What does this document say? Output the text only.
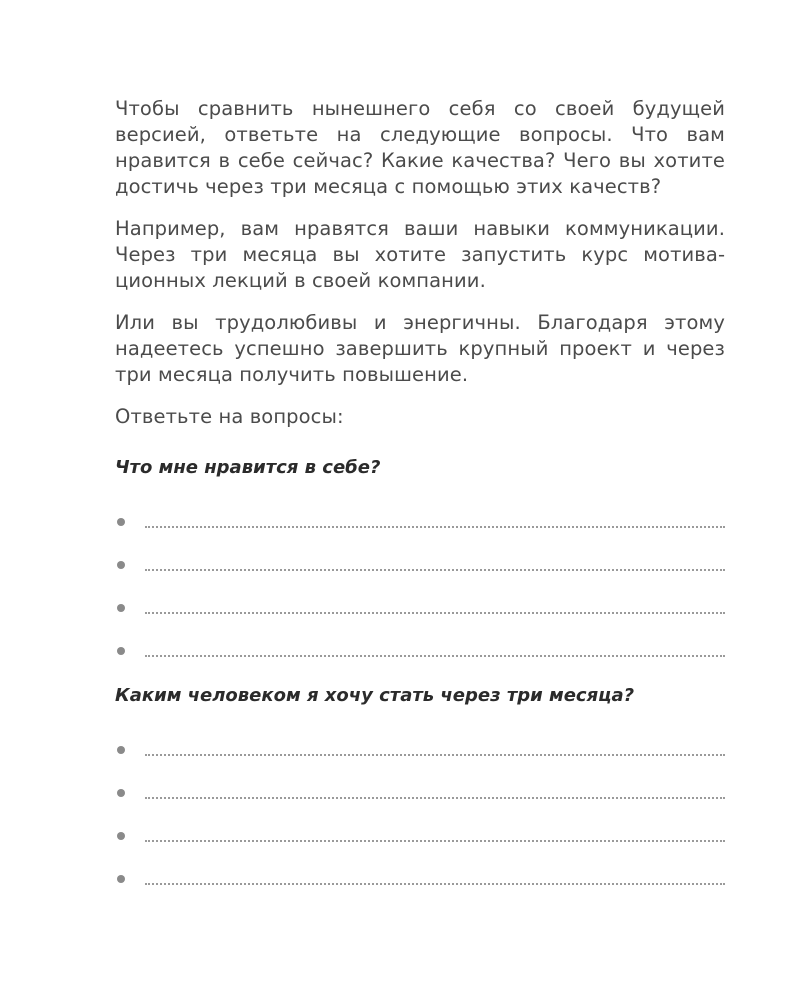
Чтобы сравнить нынешнего себя со своей будущей версией, ответьте на следующие вопросы. Что вам нравится в себе сейчас? Какие качества? Чего вы хотите достичь через три месяца с помощью этих качеств?

Например, вам нравятся ваши навыки коммуникации. Через три месяца вы хотите запустить курс мотивационных лекций в своей компании.

Или вы трудолюбивы и энергичны. Благодаря этому надеетесь успешно завершить крупный проект и через три месяца получить повышение.

Ответьте на вопросы:

Что мне нравится в себе?
Каким человеком я хочу стать через три месяца?
